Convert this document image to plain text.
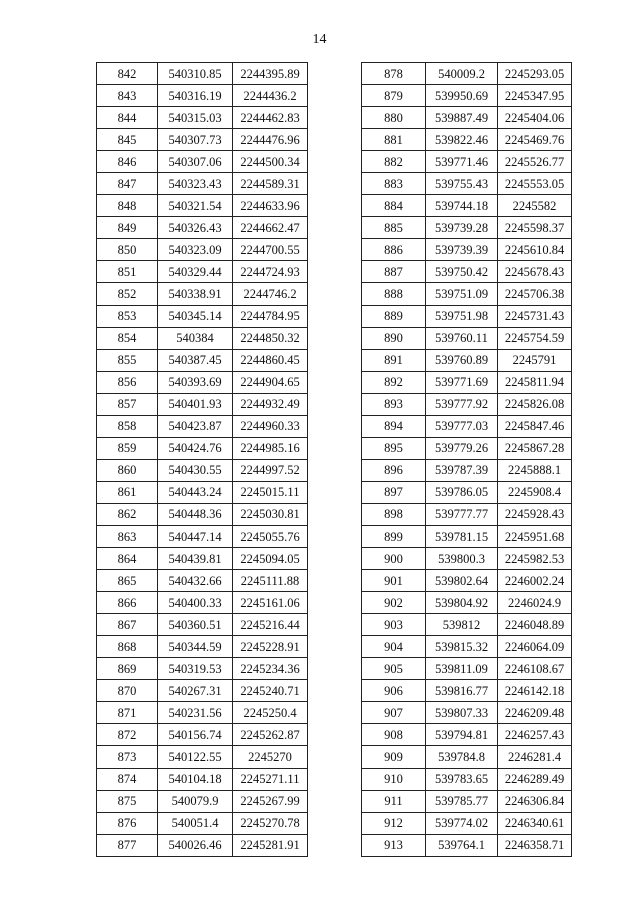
14
842	540310.85	2244395.89
843	540316.19	2244436.2
844	540315.03	2244462.83
845	540307.73	2244476.96
846	540307.06	2244500.34
847	540323.43	2244589.31
848	540321.54	2244633.96
849	540326.43	2244662.47
850	540323.09	2244700.55
851	540329.44	2244724.93
852	540338.91	2244746.2
853	540345.14	2244784.95
854	540384	2244850.32
855	540387.45	2244860.45
856	540393.69	2244904.65
857	540401.93	2244932.49
858	540423.87	2244960.33
859	540424.76	2244985.16
860	540430.55	2244997.52
861	540443.24	2245015.11
862	540448.36	2245030.81
863	540447.14	2245055.76
864	540439.81	2245094.05
865	540432.66	2245111.88
866	540400.33	2245161.06
867	540360.51	2245216.44
868	540344.59	2245228.91
869	540319.53	2245234.36
870	540267.31	2245240.71
871	540231.56	2245250.4
872	540156.74	2245262.87
873	540122.55	2245270
874	540104.18	2245271.11
875	540079.9	2245267.99
876	540051.4	2245270.78
877	540026.46	2245281.91
878	540009.2	2245293.05
879	539950.69	2245347.95
880	539887.49	2245404.06
881	539822.46	2245469.76
882	539771.46	2245526.77
883	539755.43	2245553.05
884	539744.18	2245582
885	539739.28	2245598.37
886	539739.39	2245610.84
887	539750.42	2245678.43
888	539751.09	2245706.38
889	539751.98	2245731.43
890	539760.11	2245754.59
891	539760.89	2245791
892	539771.69	2245811.94
893	539777.92	2245826.08
894	539777.03	2245847.46
895	539779.26	2245867.28
896	539787.39	2245888.1
897	539786.05	2245908.4
898	539777.77	2245928.43
899	539781.15	2245951.68
900	539800.3	2245982.53
901	539802.64	2246002.24
902	539804.92	2246024.9
903	539812	2246048.89
904	539815.32	2246064.09
905	539811.09	2246108.67
906	539816.77	2246142.18
907	539807.33	2246209.48
908	539794.81	2246257.43
909	539784.8	2246281.4
910	539783.65	2246289.49
911	539785.77	2246306.84
912	539774.02	2246340.61
913	539764.1	2246358.71
